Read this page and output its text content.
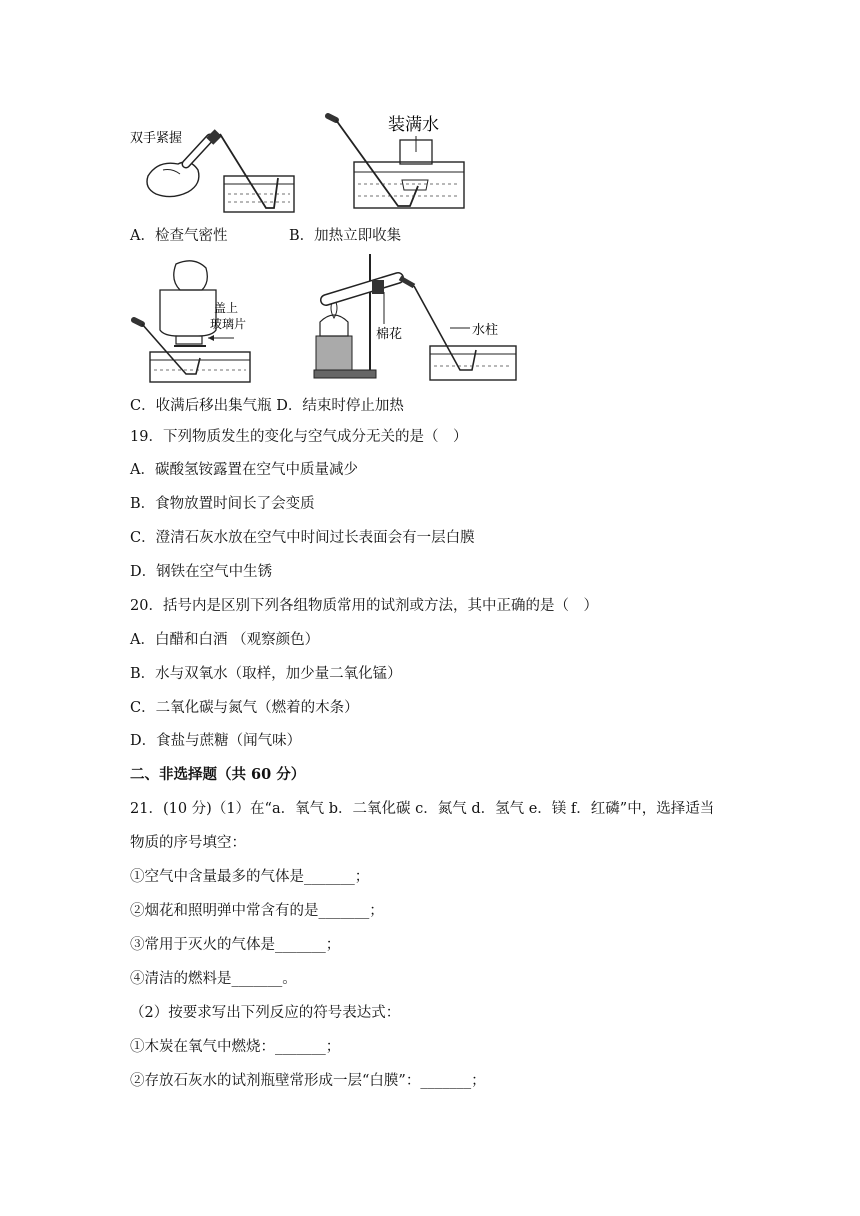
双手紧握
装满水
A．检查气密性	B．加热立即收集
盖上
玻璃片
棉花	水柱
C．收满后移出集气瓶 D．结束时停止加热
19．下列物质发生的变化与空气成分无关的是（　）
A．碳酸氢铵露置在空气中质量减少
B．食物放置时间长了会变质
C．澄清石灰水放在空气中时间过长表面会有一层白膜
D．钢铁在空气中生锈
20．括号内是区别下列各组物质常用的试剂或方法，其中正确的是（　）
A．白醋和白酒 （观察颜色）
B．水与双氧水（取样，加少量二氧化锰）
C．二氧化碳与氮气（燃着的木条）
D．食盐与蔗糖（闻气味）
二、非选择题（共 60 分）
21．(10 分)（1）在“a．氧气 b．二氧化碳 c．氮气 d．氢气 e．镁 f．红磷”中，选择适当
物质的序号填空：
①空气中含量最多的气体是_______；
②烟花和照明弹中常含有的是_______；
③常用于灭火的气体是_______；
④清洁的燃料是_______。
（2）按要求写出下列反应的符号表达式：
①木炭在氧气中燃烧：_______；
②存放石灰水的试剂瓶壁常形成一层“白膜”：_______；
